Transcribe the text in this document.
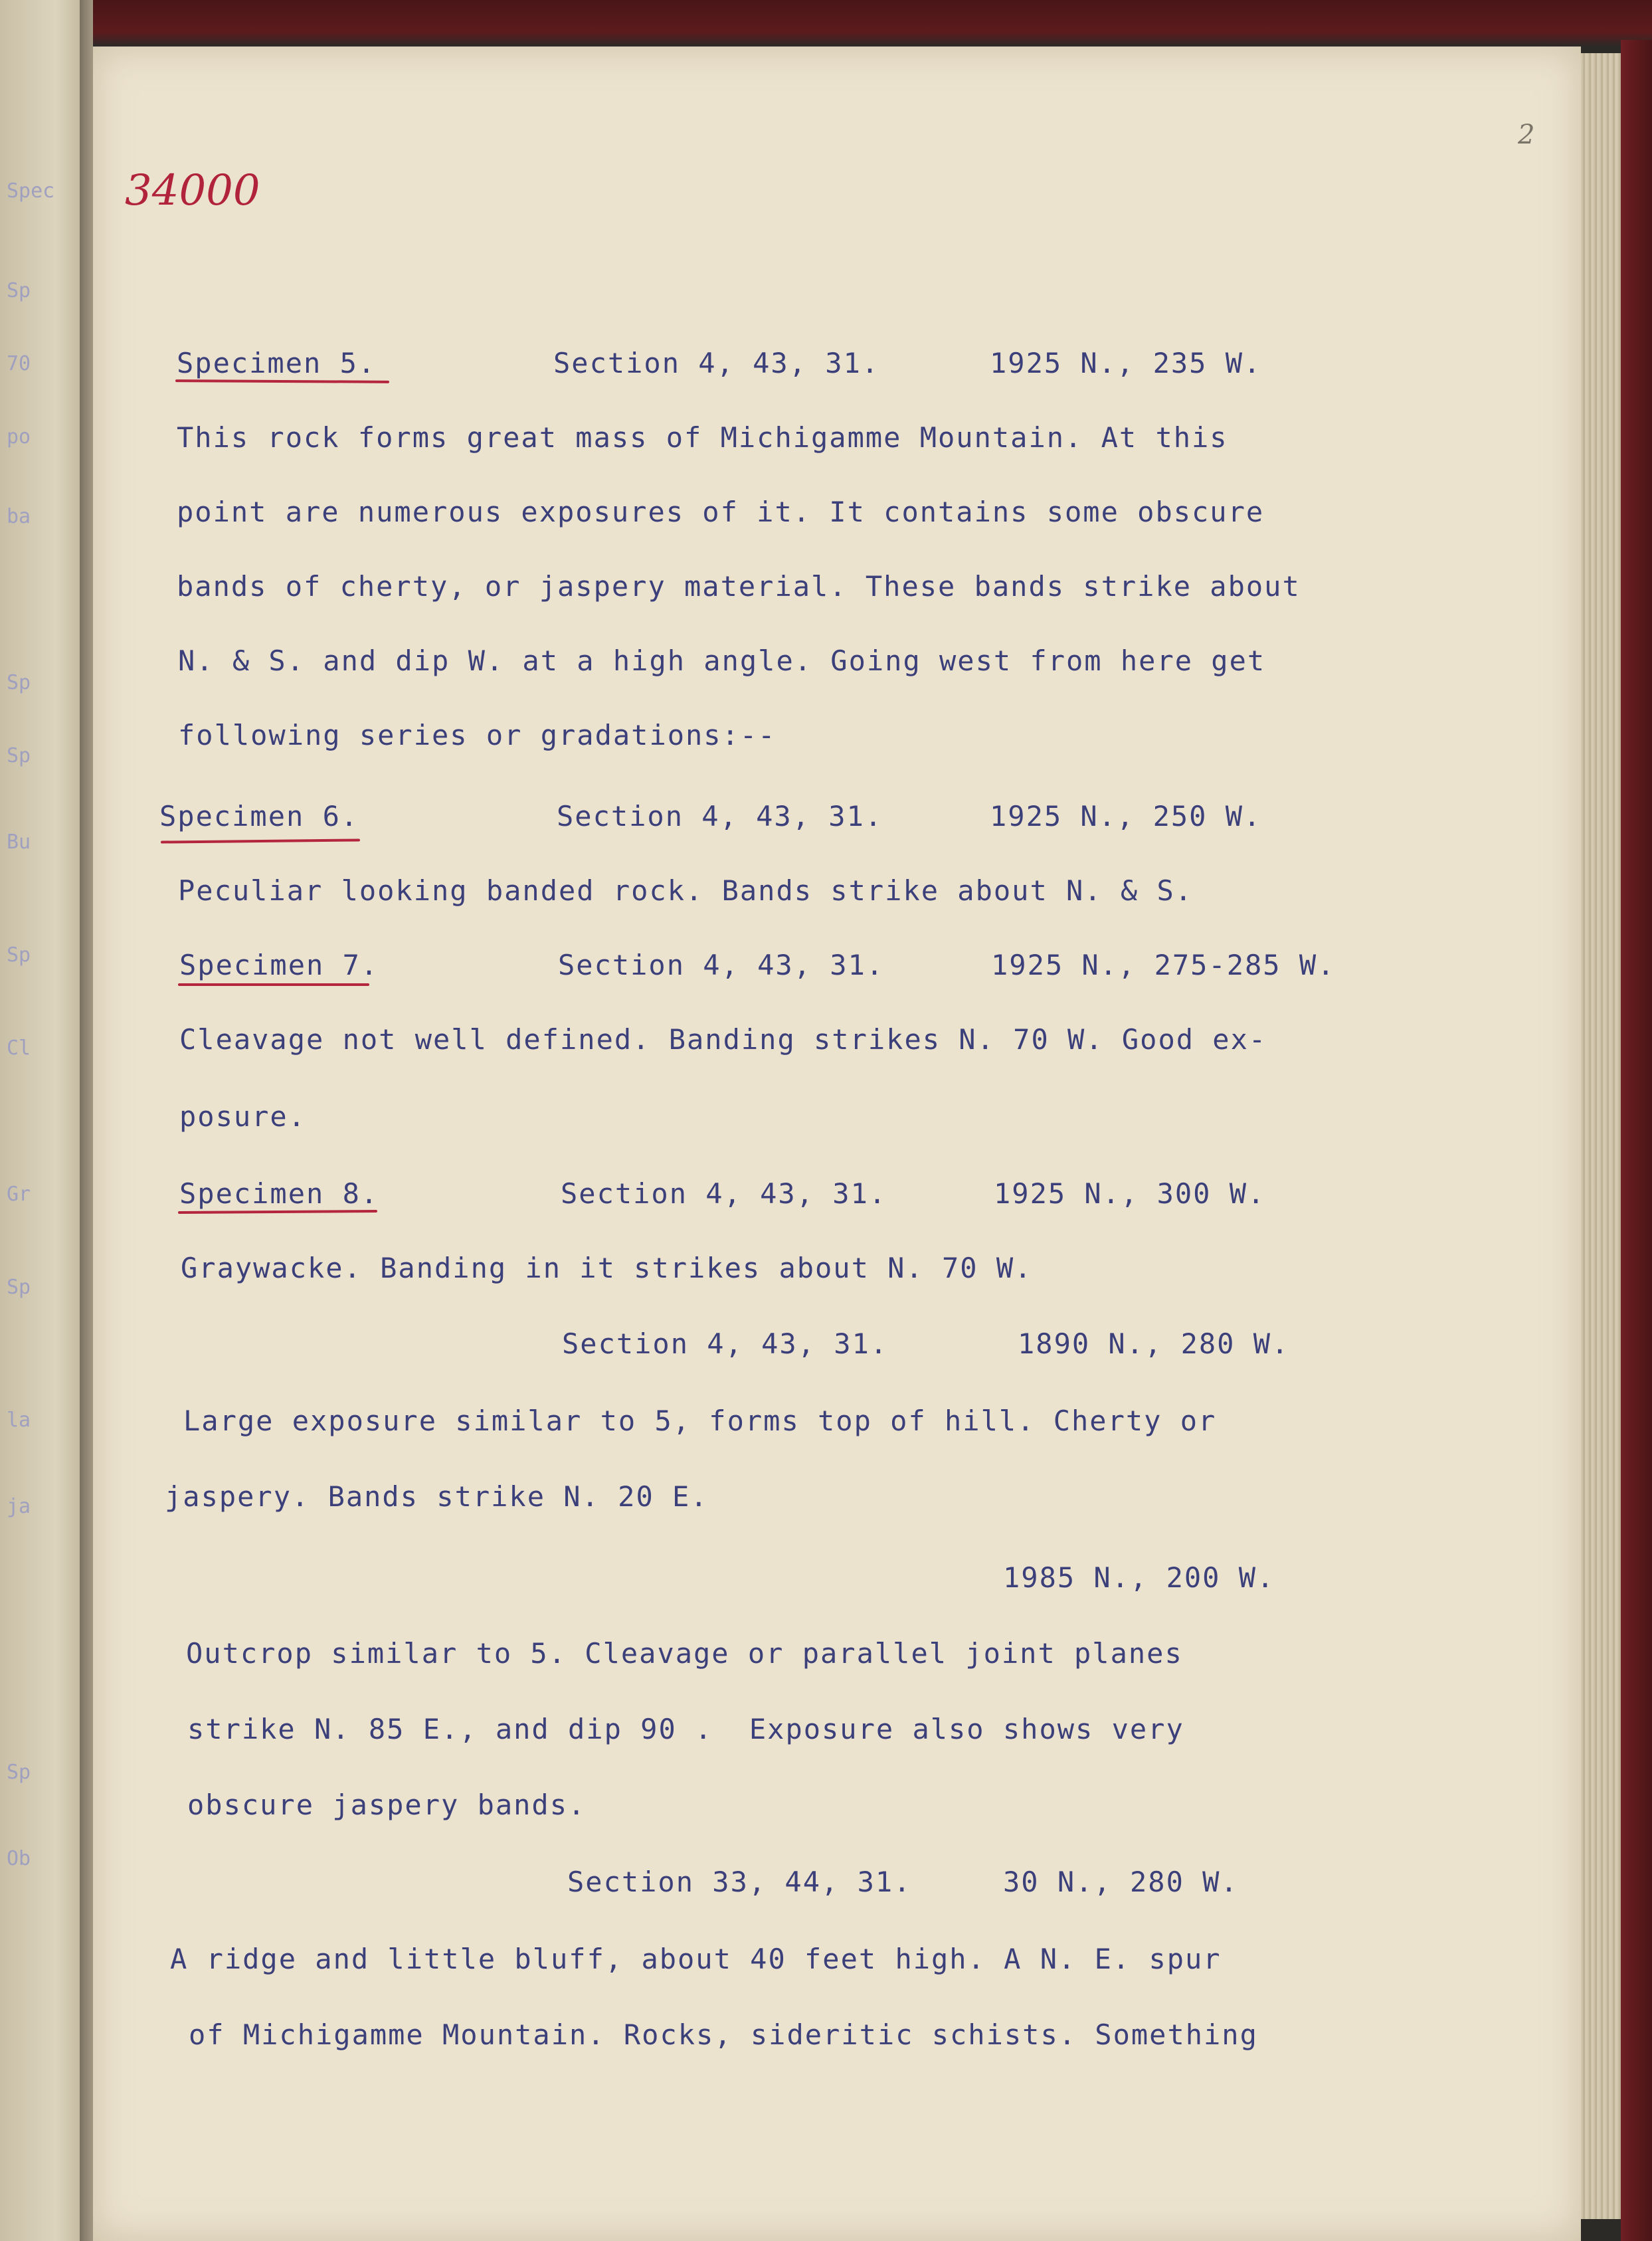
Spec
Sp
70
po
ba
Sp
Sp
Bu
Sp
Cl
Gr
Sp
la
ja
Sp
Ob
34000
2
Specimen 5.	Section 4, 43, 31.	1925 N., 235 W.
This rock forms great mass of Michigamme Mountain. At this
point are numerous exposures of it. It contains some obscure
bands of cherty, or jaspery material. These bands strike about
N. & S. and dip W. at a high angle. Going west from here get
following series or gradations:--
Specimen 6.	Section 4, 43, 31.	1925 N., 250 W.
Peculiar looking banded rock. Bands strike about N. & S.
Specimen 7.	Section 4, 43, 31.	1925 N., 275-285 W.
Cleavage not well defined. Banding strikes N. 70 W. Good ex-
posure.
Specimen 8.	Section 4, 43, 31.	1925 N., 300 W.
Graywacke. Banding in it strikes about N. 70 W.
Section 4, 43, 31.	1890 N., 280 W.
Large exposure similar to 5, forms top of hill. Cherty or
jaspery. Bands strike N. 20 E.
1985 N., 200 W.
Outcrop similar to 5. Cleavage or parallel joint planes
strike N. 85 E., and dip 90 .  Exposure also shows very
obscure jaspery bands.
Section 33, 44, 31.	30 N., 280 W.
A ridge and little bluff, about 40 feet high. A N. E. spur
of Michigamme Mountain. Rocks, sideritic schists. Something
